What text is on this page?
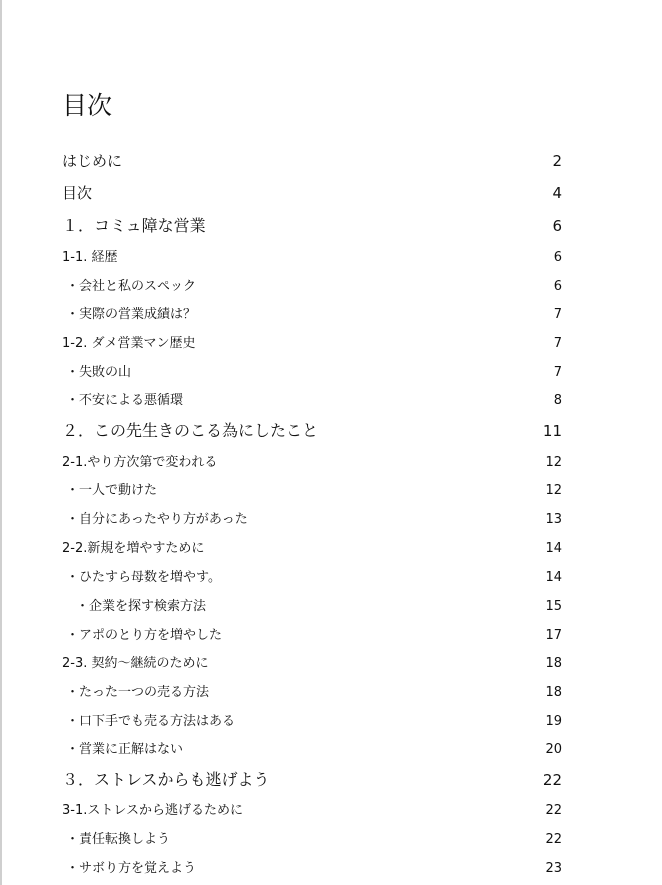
目次
はじめに	2
目次	4
１．コミュ障な営業	6
1-1. 経歴	6
・会社と私のスペック	6
・実際の営業成績は？	7
1-2. ダメ営業マン歴史	7
・失敗の山	7
・不安による悪循環	8
２．この先生きのこる為にしたこと	11
2-1.やり方次第で変われる	12
・一人で動けた	12
・自分にあったやり方があった	13
2-2.新規を増やすために	14
・ひたすら母数を増やす。	14
・企業を探す検索方法	15
・アポのとり方を増やした	17
2-3. 契約〜継続のために	18
・たった一つの売る方法	18
・口下手でも売る方法はある	19
・営業に正解はない	20
３．ストレスからも逃げよう	22
3-1.ストレスから逃げるために	22
・責任転換しよう	22
・サボり方を覚えよう	23
